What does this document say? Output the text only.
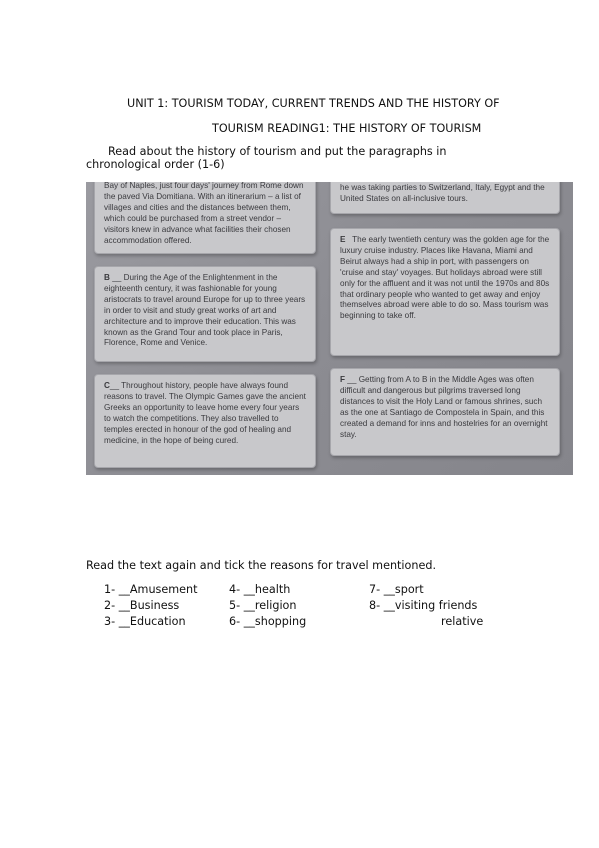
UNIT 1: TOURISM TODAY, CURRENT TRENDS AND THE HISTORY OF
TOURISM READING1: THE HISTORY OF TOURISM
Read about the history of tourism and put the paragraphs in chronological order (1-6)

Bay of Naples, just four days' journey from Rome down the paved Via Domitiana. With an itinerarium – a list of villages and cities and the distances between them, which could be purchased from a street vendor – visitors knew in advance what facilities their chosen accommodation offered.

B __ During the Age of the Enlightenment in the eighteenth century, it was fashionable for young aristocrats to travel around Europe for up to three years in order to visit and study great works of art and architecture and to improve their education. This was known as the Grand Tour and took place in Paris, Florence, Rome and Venice.

C__ Throughout history, people have always found reasons to travel. The Olympic Games gave the ancient Greeks an opportunity to leave home every four years to watch the competitions. They also travelled to temples erected in honour of the god of healing and medicine, in the hope of being cured.

he was taking parties to Switzerland, Italy, Egypt and the United States on all-inclusive tours.

E The early twentieth century was the golden age for the luxury cruise industry. Places like Havana, Miami and Beirut always had a ship in port, with passengers on 'cruise and stay' voyages. But holidays abroad were still only for the affluent and it was not until the 1970s and 80s that ordinary people who wanted to get away and enjoy themselves abroad were able to do so. Mass tourism was beginning to take off.

F __ Getting from A to B in the Middle Ages was often difficult and dangerous but pilgrims traversed long distances to visit the Holy Land or famous shrines, such as the one at Santiago de Compostela in Spain, and this created a demand for inns and hostelries for an overnight stay.

Read the text again and tick the reasons for travel mentioned.
1- __Amusement
2- __Business
3- __Education
4- __health
5- __religion
6- __shopping
7- __sport
8- __visiting friends
relative
